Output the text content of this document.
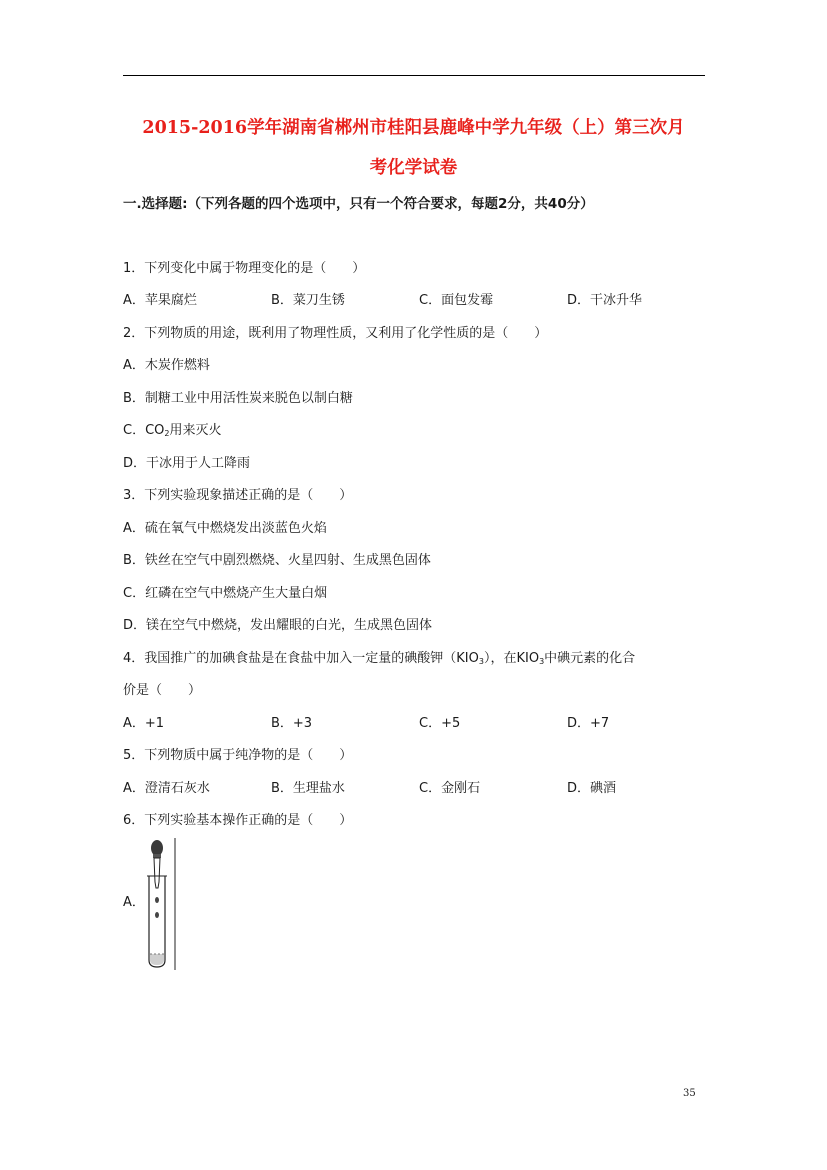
2015-2016学年湖南省郴州市桂阳县鹿峰中学九年级（上）第三次月
考化学试卷
一.选择题:（下列各题的四个选项中，只有一个符合要求，每题2分，共40分）
1．下列变化中属于物理变化的是（　　）
A．苹果腐烂	B．菜刀生锈	C．面包发霉	D．干冰升华
2．下列物质的用途，既利用了物理性质，又利用了化学性质的是（　　）
A．木炭作燃料
B．制糖工业中用活性炭来脱色以制白糖
C．$CO_2$用来灭火
D．干冰用于人工降雨
3．下列实验现象描述正确的是（　　）
A．硫在氧气中燃烧发出淡蓝色火焰
B．铁丝在空气中剧烈燃烧、火星四射、生成黑色固体
C．红磷在空气中燃烧产生大量白烟
D．镁在空气中燃烧，发出耀眼的白光，生成黑色固体
4．我国推广的加碘食盐是在食盐中加入一定量的碘酸钾$(KIO_3)$，在$KIO_3$中碘元素的化合
价是（　　）
A．+1	B．+3	C．+5	D．+7
5．下列物质中属于纯净物的是（　　）
A．澄清石灰水	B．生理盐水	C．金刚石	D．碘酒
6．下列实验基本操作正确的是（　　）
A．
35
